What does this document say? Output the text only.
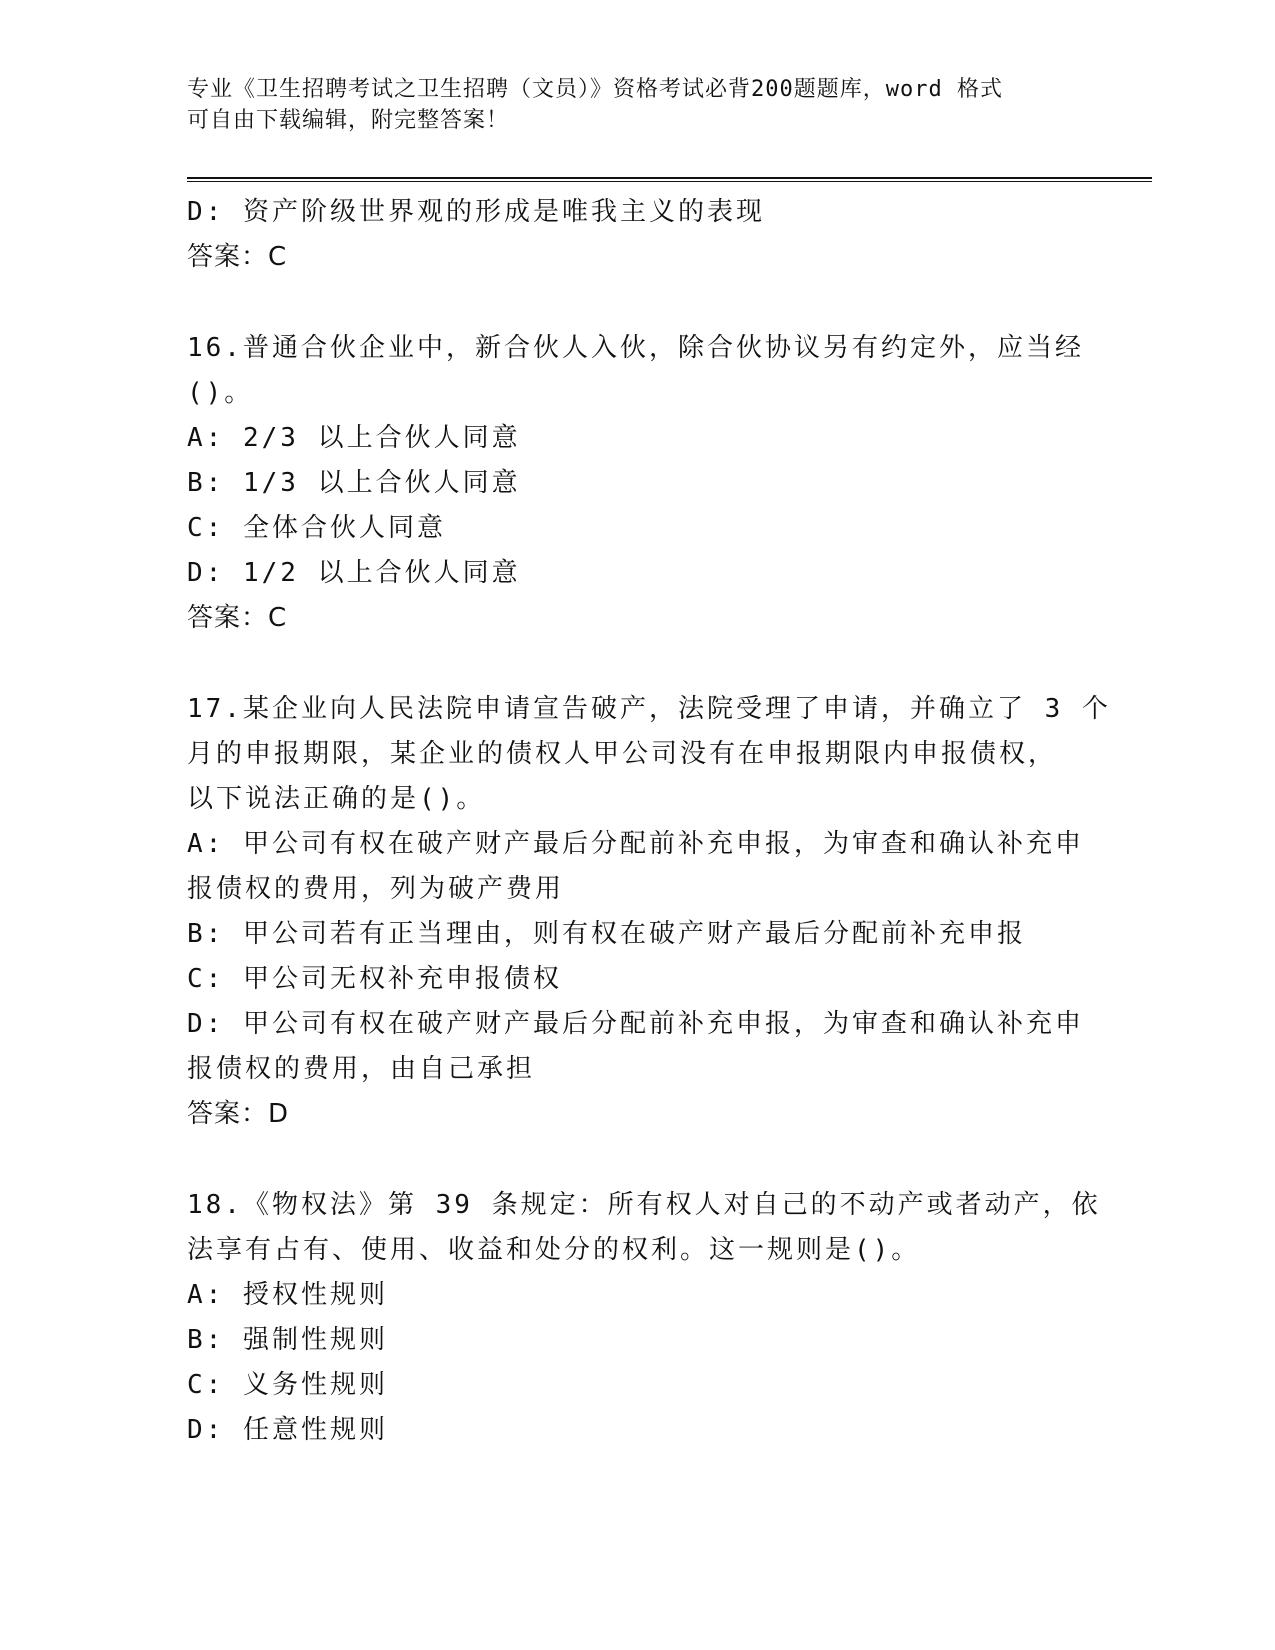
专业《卫生招聘考试之卫生招聘（文员）》资格考试必背200题题库，word 格式
可自由下载编辑，附完整答案！
D: 资产阶级世界观的形成是唯我主义的表现
答案：C
16.普通合伙企业中，新合伙人入伙，除合伙协议另有约定外，应当经
()。
A: 2/3 以上合伙人同意
B: 1/3 以上合伙人同意
C: 全体合伙人同意
D: 1/2 以上合伙人同意
答案：C
17.某企业向人民法院申请宣告破产，法院受理了申请，并确立了 3 个
月的申报期限，某企业的债权人甲公司没有在申报期限内申报债权，
以下说法正确的是()。
A: 甲公司有权在破产财产最后分配前补充申报，为审查和确认补充申
报债权的费用，列为破产费用
B: 甲公司若有正当理由，则有权在破产财产最后分配前补充申报
C: 甲公司无权补充申报债权
D: 甲公司有权在破产财产最后分配前补充申报，为审查和确认补充申
报债权的费用，由自己承担
答案：D
18.《物权法》第 39 条规定：所有权人对自己的不动产或者动产，依
法享有占有、使用、收益和处分的权利。这一规则是()。
A: 授权性规则
B: 强制性规则
C: 义务性规则
D: 任意性规则
